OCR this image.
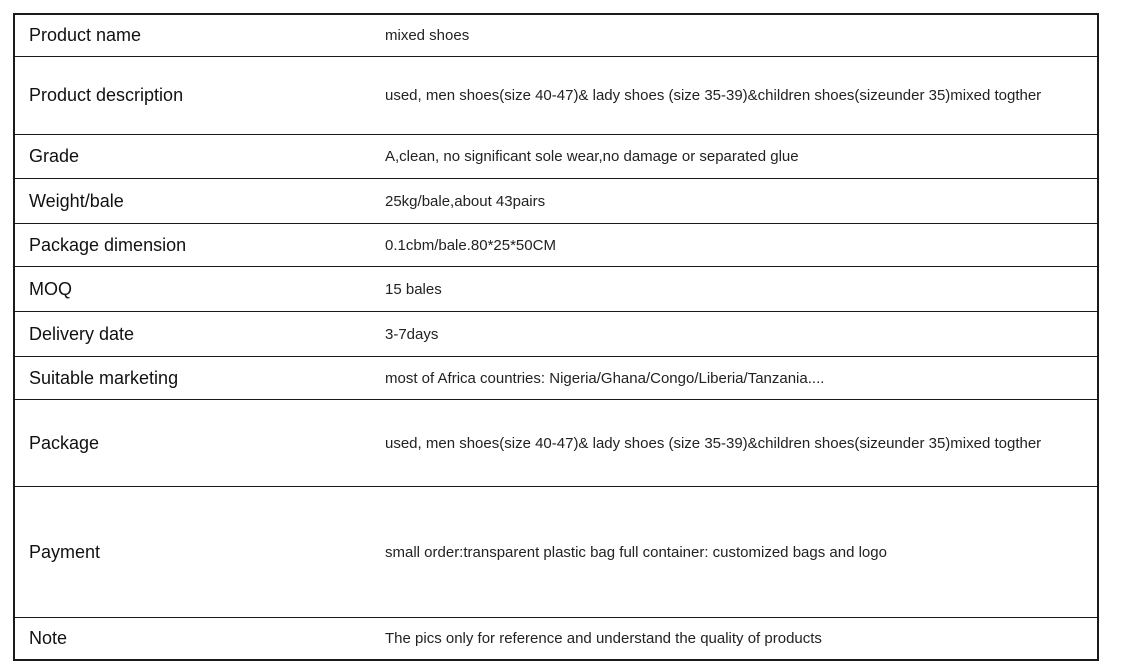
Product name	mixed shoes
Product description	used, men shoes(size 40-47)& lady shoes (size 35-39)&children shoes(sizeunder 35)mixed togther
Grade	A,clean, no significant sole wear,no damage or separated glue
Weight/bale	25kg/bale,about 43pairs
Package dimension	0.1cbm/bale.80*25*50CM
MOQ	15 bales
Delivery date	3-7days
Suitable marketing	most of Africa countries: Nigeria/Ghana/Congo/Liberia/Tanzania....
Package	used, men shoes(size 40-47)& lady shoes (size 35-39)&children shoes(sizeunder 35)mixed togther
Payment	small order:transparent plastic bag full container: customized bags and logo
Note	The pics only for reference and understand the quality of products
